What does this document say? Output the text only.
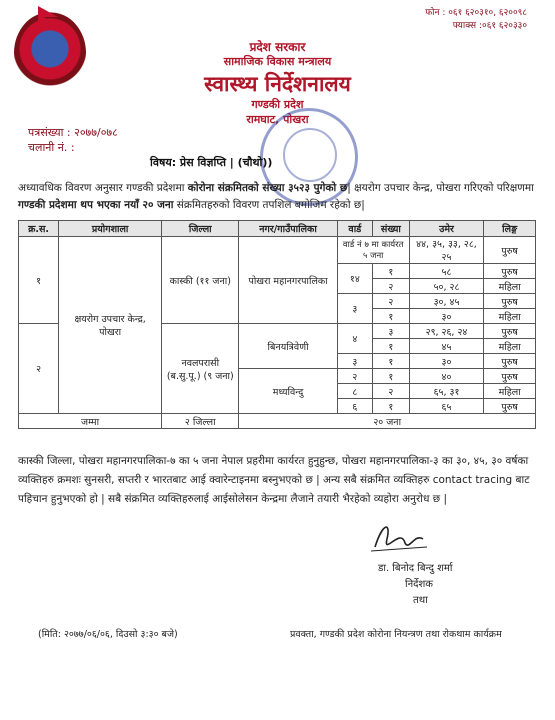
फोन : ०६१ ६२०३१०, ६२००९८
फ्याक्स :०६१ ६२०३३०
प्रदेश सरकार
सामाजिक विकास मन्त्रालय
स्वास्थ्य निर्देशनालय
गण्डकी प्रदेश
रामघाट, पोखरा
पत्रसंख्या : २०७७/०७८
चलानी नं. :
विषय: प्रेस विज्ञप्ति | (चौथो))
अध्यावधिक विवरण अनुसार गण्डकी प्रदेशमा कोरोना संक्रमितको संख्या ३५२३ पुगेको छ| क्षयरोग उपचार केन्द्र, पोखरा गरिएको परिक्षणमा गण्डकी प्रदेशमा थप भएका नयाँ २० जना संक्रमितहरुको विवरण तपशिल बमोजिम रहेको छ|
क्र.स.	प्रयोगशाला	जिल्ला	नगर/गाउँपालिका	वार्ड	संख्या	उमेर	लिङ्ग
१	क्षयरोग उपचार केन्द्र, पोखरा	कास्की (११ जना)	पोखरा महानगरपालिका	वार्ड नं ७ मा कार्यरत ५ जना		४४, ३५, ३३, २८, २५	पुरुष
				१४	१	५८	पुरुष
					२	५०, २८	महिला
				३	२	३०, ४५	पुरुष
					१	३०	महिला
२		नवलपरासी (ब.सु.पू.) (९ जना)	बिनयत्रिवेणी	४	३	२९, २६, २४	पुरुष
					१	४५	महिला
				३	१	३०	पुरुष
			मध्यविन्दु	२	१	४०	पुरुष
				८	२	६५, ३१	महिला
				६	१	६५	पुरुष
जम्मा		२ जिल्ला	२० जना				
कास्की जिल्ला, पोखरा महानगरपालिका-७ का ५ जना नेपाल प्रहरीमा कार्यरत हुनुहुन्छ, पोखरा महानगरपालिका-३ का ३०, ४५, ३० वर्षका व्यक्तिहरु क्रमशः सुनसरी, सप्तरी र भारतबाट आई क्वारेन्टाइनमा बस्नुभएको छ | अन्य सबै संक्रमित व्यक्तिहरु contact tracing बाट पहिचान हुनुभएको हो | सबै संक्रमित व्यक्तिहरुलाई आईसोलेसन केन्द्रमा लैजाने तयारी भैरहेको व्यहोरा अनुरोध छ |
डा. बिनोद बिन्दु शर्मा
निर्देशक
तथा
(मिति: २०७७/०६/०६, दिउसो ३:३० बजे)	प्रवक्ता, गण्डकी प्रदेश कोरोना नियन्त्रण तथा रोकथाम कार्यक्रम
